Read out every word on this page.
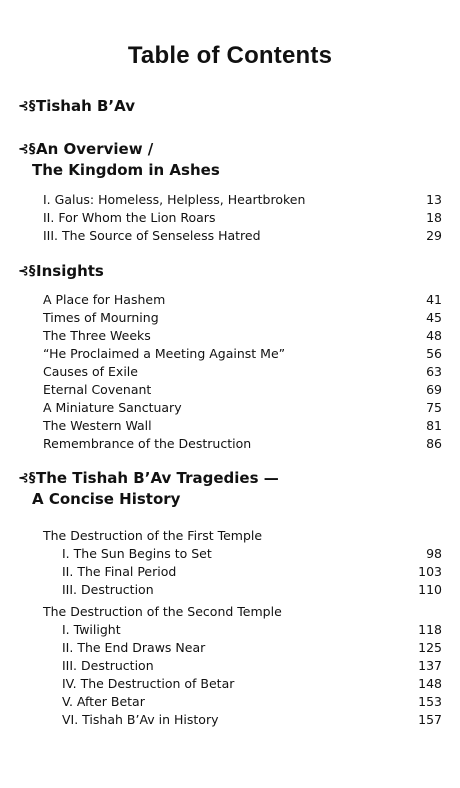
Table of Contents
⊰§Tishah B’Av
⊰§An Overview /
The Kingdom in Ashes
I. Galus: Homeless, Helpless, Heartbroken	13
II. For Whom the Lion Roars	18
III. The Source of Senseless Hatred	29
⊰§Insights
A Place for Hashem	41
Times of Mourning	45
The Three Weeks	48
“He Proclaimed a Meeting Against Me”	56
Causes of Exile	63
Eternal Covenant	69
A Miniature Sanctuary	75
The Western Wall	81
Remembrance of the Destruction	86
⊰§The Tishah B’Av Tragedies —
A Concise History
The Destruction of the First Temple
I. The Sun Begins to Set	98
II. The Final Period	103
III. Destruction	110
The Destruction of the Second Temple
I. Twilight	118
II. The End Draws Near	125
III. Destruction	137
IV. The Destruction of Betar	148
V. After Betar	153
VI. Tishah B’Av in History	157
